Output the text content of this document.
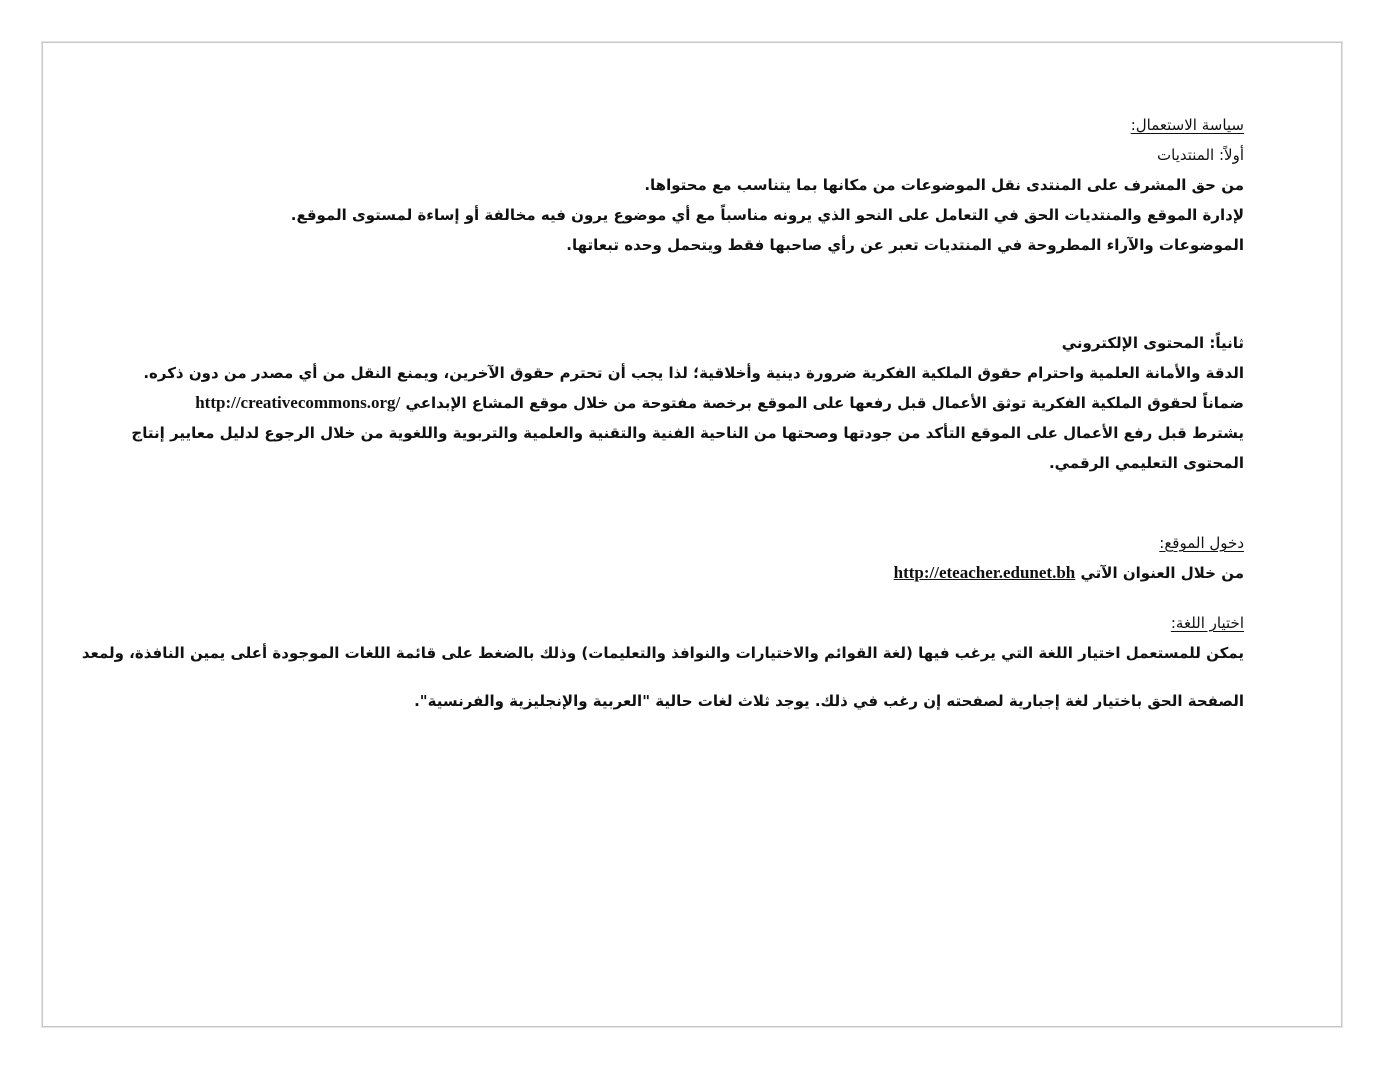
سياسة الاستعمال:
أولاً: المنتديات
من حق المشرف على المنتدى نقل الموضوعات من مكانها بما يتناسب مع محتواها.
لإدارة الموقع والمنتديات الحق في التعامل على النحو الذي يرونه مناسباً مع أي موضوع يرون فيه مخالفة أو إساءة لمستوى الموقع.
الموضوعات والآراء المطروحة في المنتديات تعبر عن رأي صاحبها فقط ويتحمل وحده تبعاتها.
ثانياً: المحتوى الإلكتروني
الدقة والأمانة العلمية واحترام حقوق الملكية الفكرية ضرورة دينية وأخلاقية؛ لذا يجب أن تحترم حقوق الآخرين، ويمنع النقل من أي مصدر من دون ذكره.
ضماناً لحقوق الملكية الفكرية توثق الأعمال قبل رفعها على الموقع برخصة مفتوحة من خلال موقع المشاع الإبداعي http://creativecommons.org/
يشترط قبل رفع الأعمال على الموقع التأكد من جودتها وصحتها من الناحية الفنية والتقنية والعلمية والتربوية واللغوية من خلال الرجوع لدليل معايير إنتاج المحتوى التعليمي الرقمي.
دخول الموقع:
من خلال العنوان الآتي http://eteacher.edunet.bh
اختيار اللغة:
يمكن للمستعمل اختيار اللغة التي يرغب فيها (لغة القوائم والاختيارات والنوافذ والتعليمات) وذلك بالضغط على قائمة اللغات الموجودة أعلى يمين النافذة، ولمعد
الصفحة الحق باختيار لغة إجبارية لصفحته إن رغب في ذلك. يوجد ثلاث لغات حالية "العربية والإنجليزية والفرنسية".
